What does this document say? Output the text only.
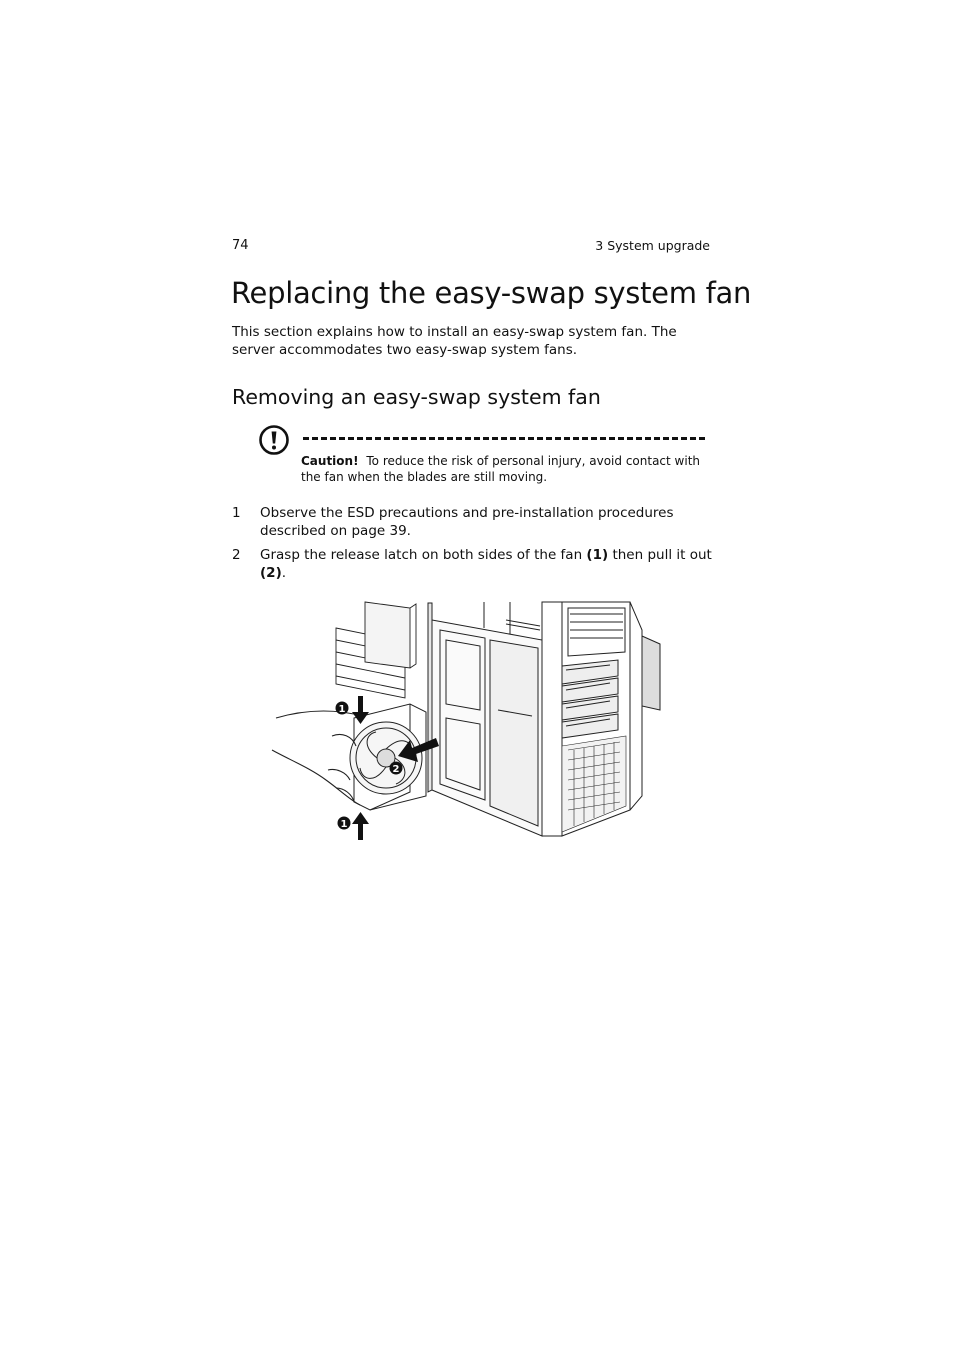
74	3 System upgrade
Replacing the easy-swap system fan

This section explains how to install an easy-swap system fan. The server accommodates two easy-swap system fans.

Removing an easy-swap system fan

Caution! To reduce the risk of personal injury, avoid contact with the fan when the blades are still moving.

1 Observe the ESD precautions and pre-installation procedures described on page 39.
2 Grasp the release latch on both sides of the fan (1) then pull it out (2).
1
2
1
